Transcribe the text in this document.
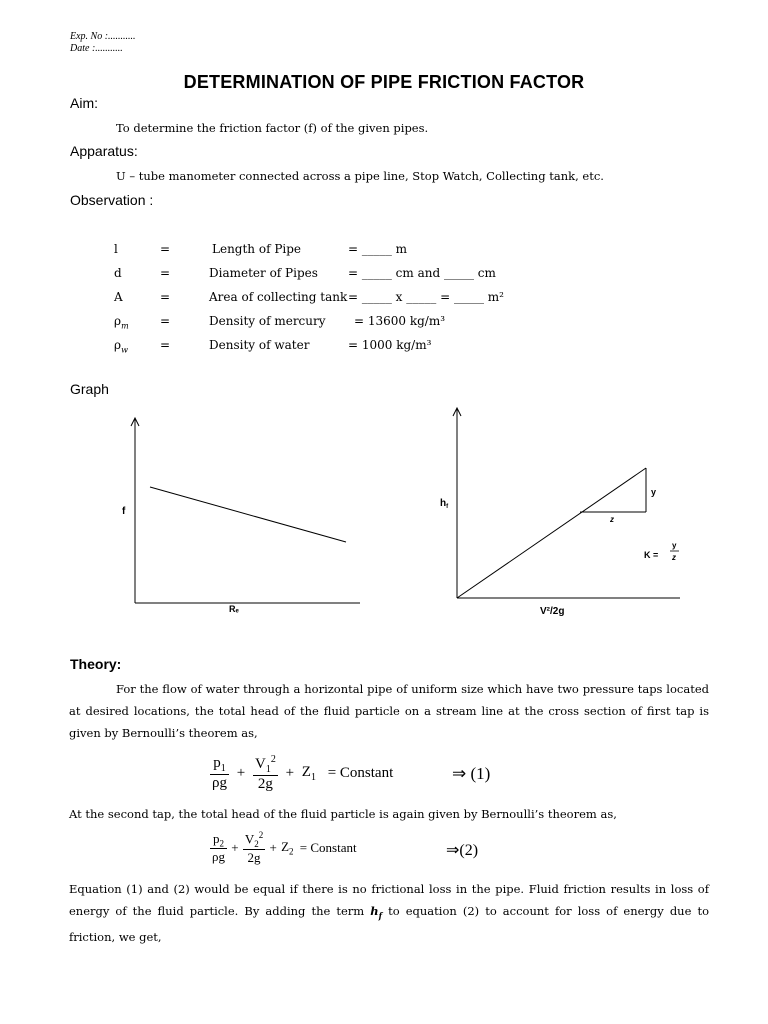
Exp. No :...........
Date :...........
DETERMINATION OF PIPE FRICTION FACTOR
Aim:
To determine the friction factor (f) of the given pipes.
Apparatus:
U – tube manometer connected across a pipe line, Stop Watch, Collecting tank, etc.
Observation :
l	=	Length of Pipe	= _____ m
d	=	Diameter of Pipes	= _____ cm and _____ cm
A	=	Area of collecting tank = _____ x _____ = _____ m²
$\rho_m$	=	Density of mercury = 13600 kg/m³
$\rho_w$	=	Density of water	= 1000 kg/m³
Graph
f
Rₑ
y
z
$h_f$
V²/2g
K =
y
z
Theory:
For the flow of water through a horizontal pipe of uniform size which have two pressure taps located at desired locations, the total head of the fluid particle on a stream line at the cross section of first tap is given by Bernoulli’s theorem as,
$\frac{p_1}{\rho g} + \frac{V_1^2}{2g} + Z_1$ = Constant	⇒ (1)
At the second tap, the total head of the fluid particle is again given by Bernoulli’s theorem as,
$\frac{p_2}{\rho g} + \frac{V_2^2}{2g} + Z_2$ = Constant	⇒(2)
Equation (1) and (2) would be equal if there is no frictional loss in the pipe. Fluid friction results in loss of energy of the fluid particle. By adding the term $h_f$ to equation (2) to account for loss of energy due to friction, we get,
